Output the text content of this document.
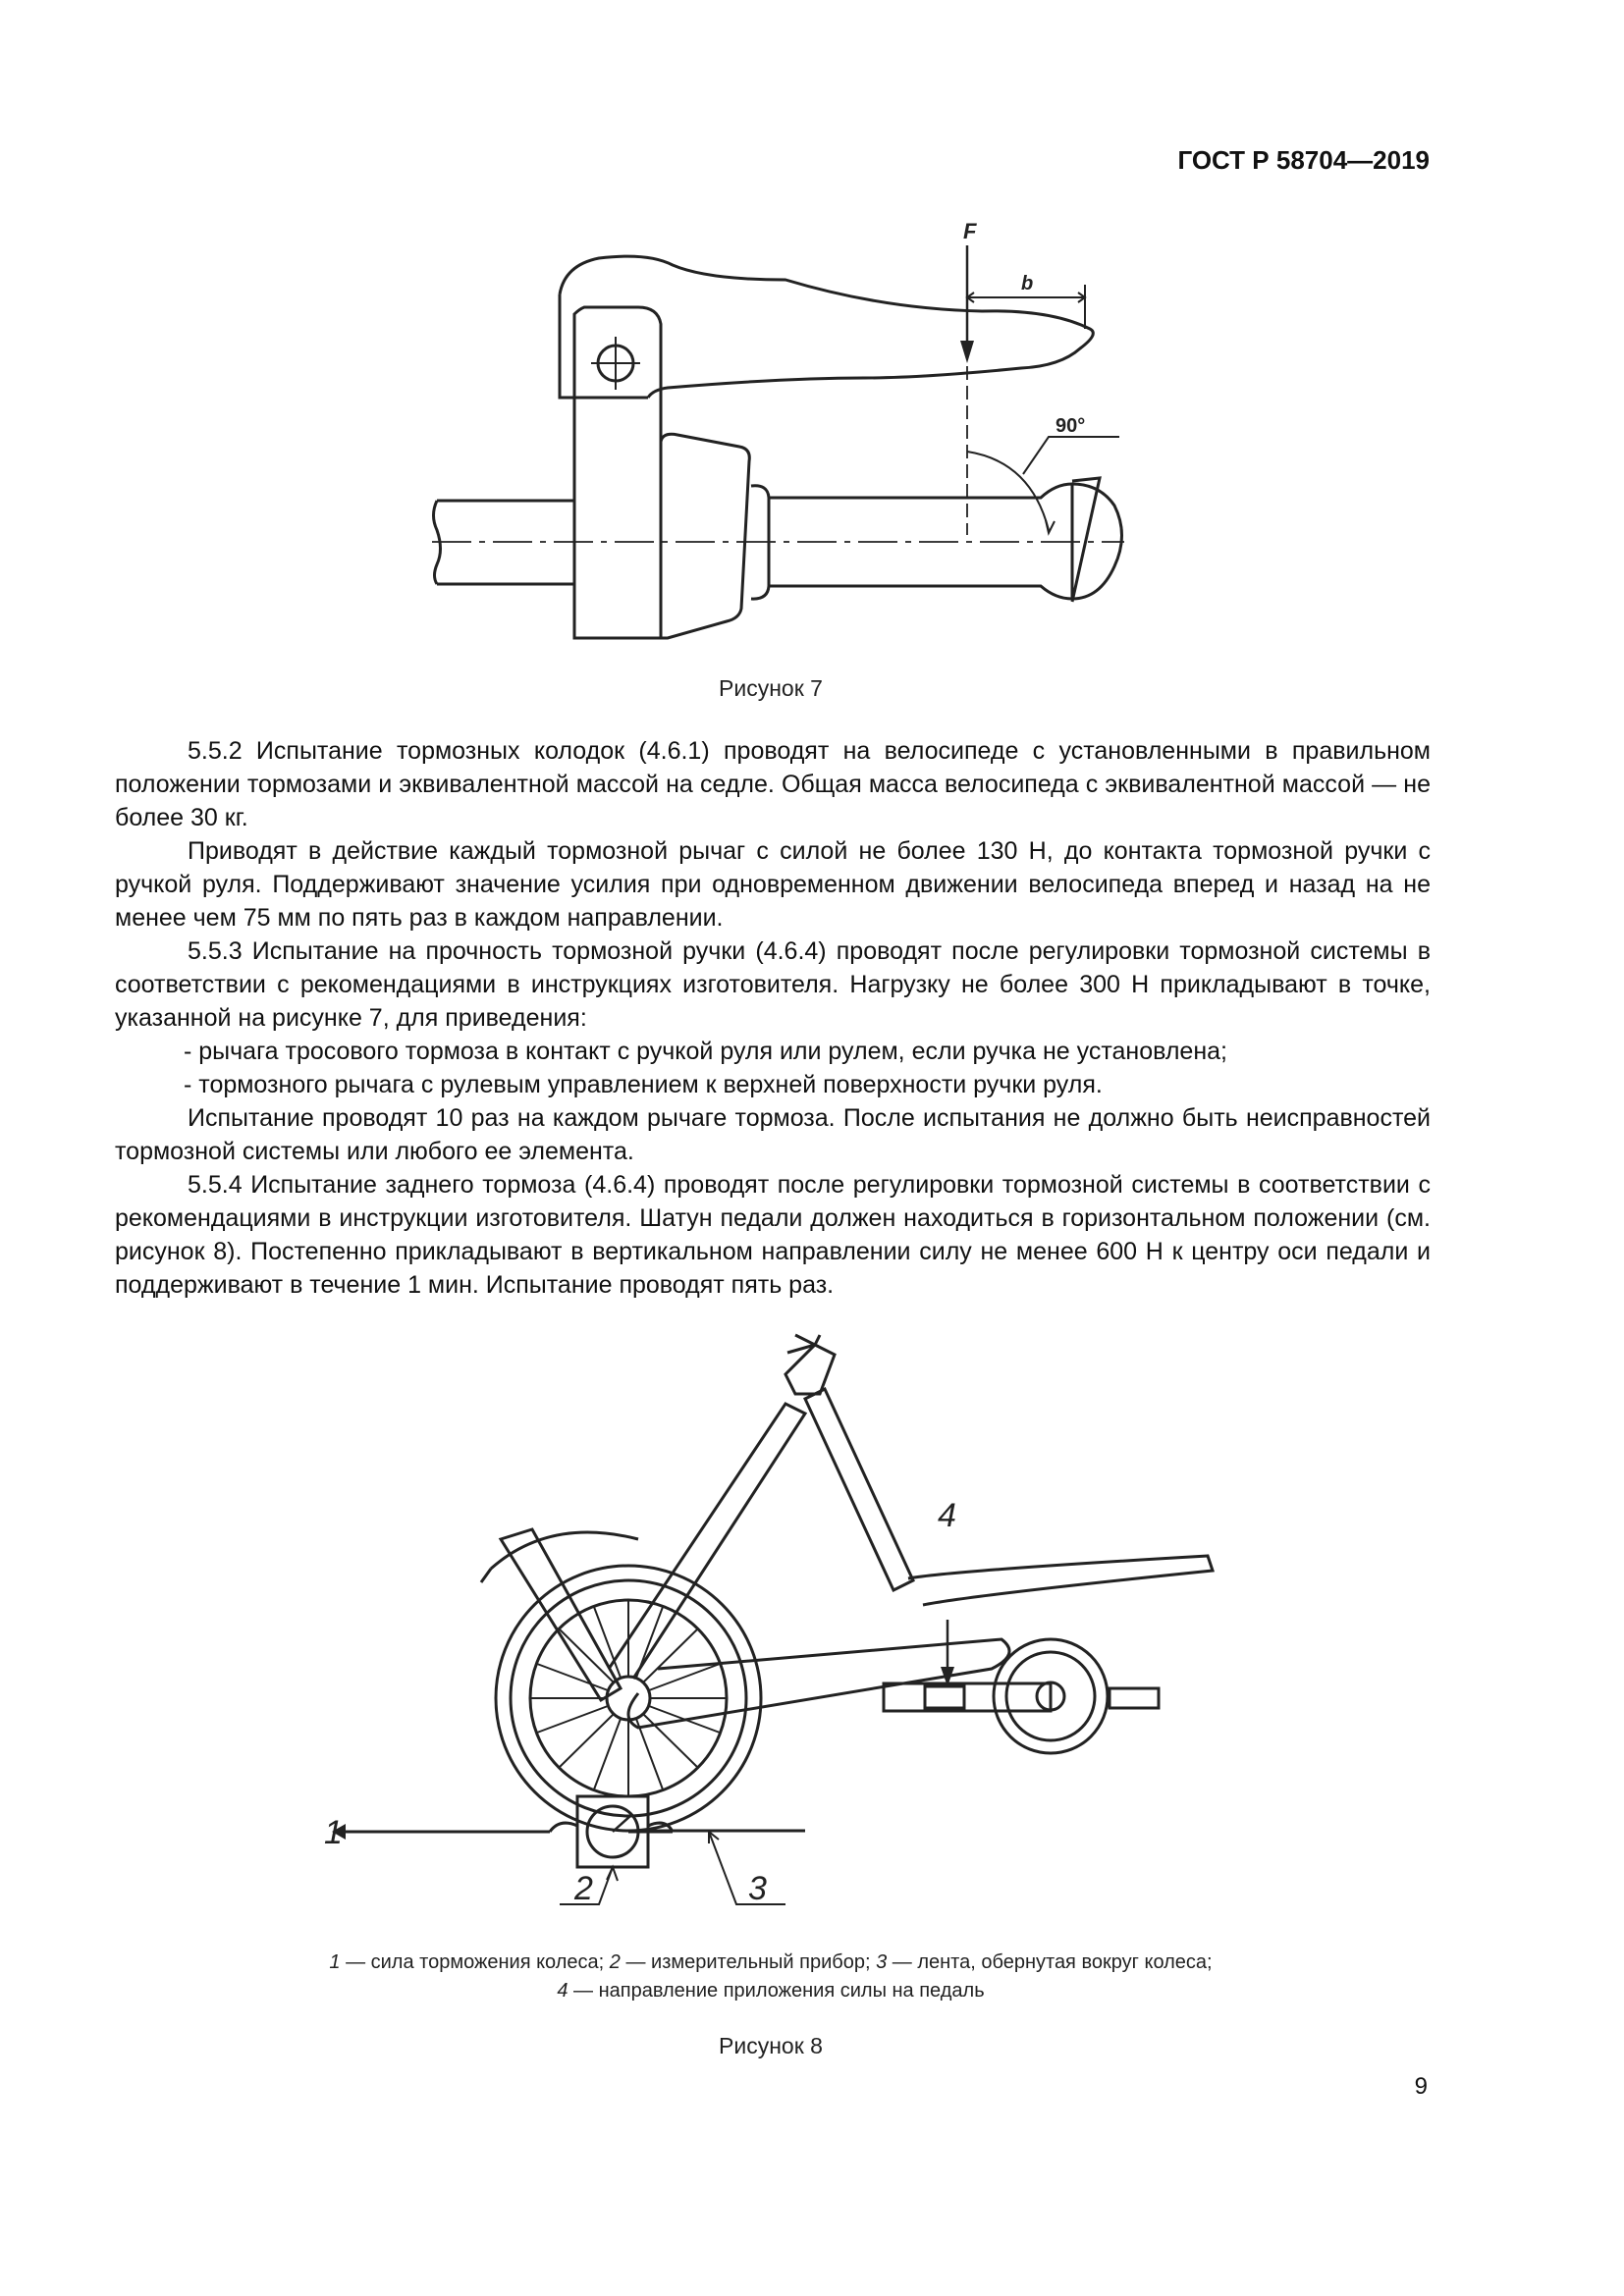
ГОСТ Р 58704—2019
F
b
90°
Рисунок 7

5.5.2 Испытание тормозных колодок (4.6.1) проводят на велосипеде с установленными в правильном положении тормозами и эквивалентной массой на седле. Общая масса велосипеда с эквивалентной массой — не более 30 кг.

Приводят в действие каждый тормозной рычаг с силой не более 130 Н, до контакта тормозной ручки с ручкой руля. Поддерживают значение усилия при одновременном движении велосипеда вперед и назад на не менее чем 75 мм по пять раз в каждом направлении.

5.5.3 Испытание на прочность тормозной ручки (4.6.4) проводят после регулировки тормозной системы в соответствии с рекомендациями в инструкциях изготовителя. Нагрузку не более 300 Н прикладывают в точке, указанной на рисунке 7, для приведения:

- рычага тросового тормоза в контакт с ручкой руля или рулем, если ручка не установлена;

- тормозного рычага с рулевым управлением к верхней поверхности ручки руля.

Испытание проводят 10 раз на каждом рычаге тормоза. После испытания не должно быть неисправностей тормозной системы или любого ее элемента.

5.5.4 Испытание заднего тормоза (4.6.4) проводят после регулировки тормозной системы в соответствии с рекомендациями в инструкции изготовителя. Шатун педали должен находиться в горизонтальном положении (см. рисунок 8). Постепенно прикладывают в вертикальном направлении силу не менее 600 Н к центру оси педали и поддерживают в течение 1 мин. Испытание проводят пять раз.

1
2	3
4
1 — сила торможения колеса; 2 — измерительный прибор; 3 — лента, обернутая вокруг колеса;
4 — направление приложения силы на педаль
Рисунок 8
9
